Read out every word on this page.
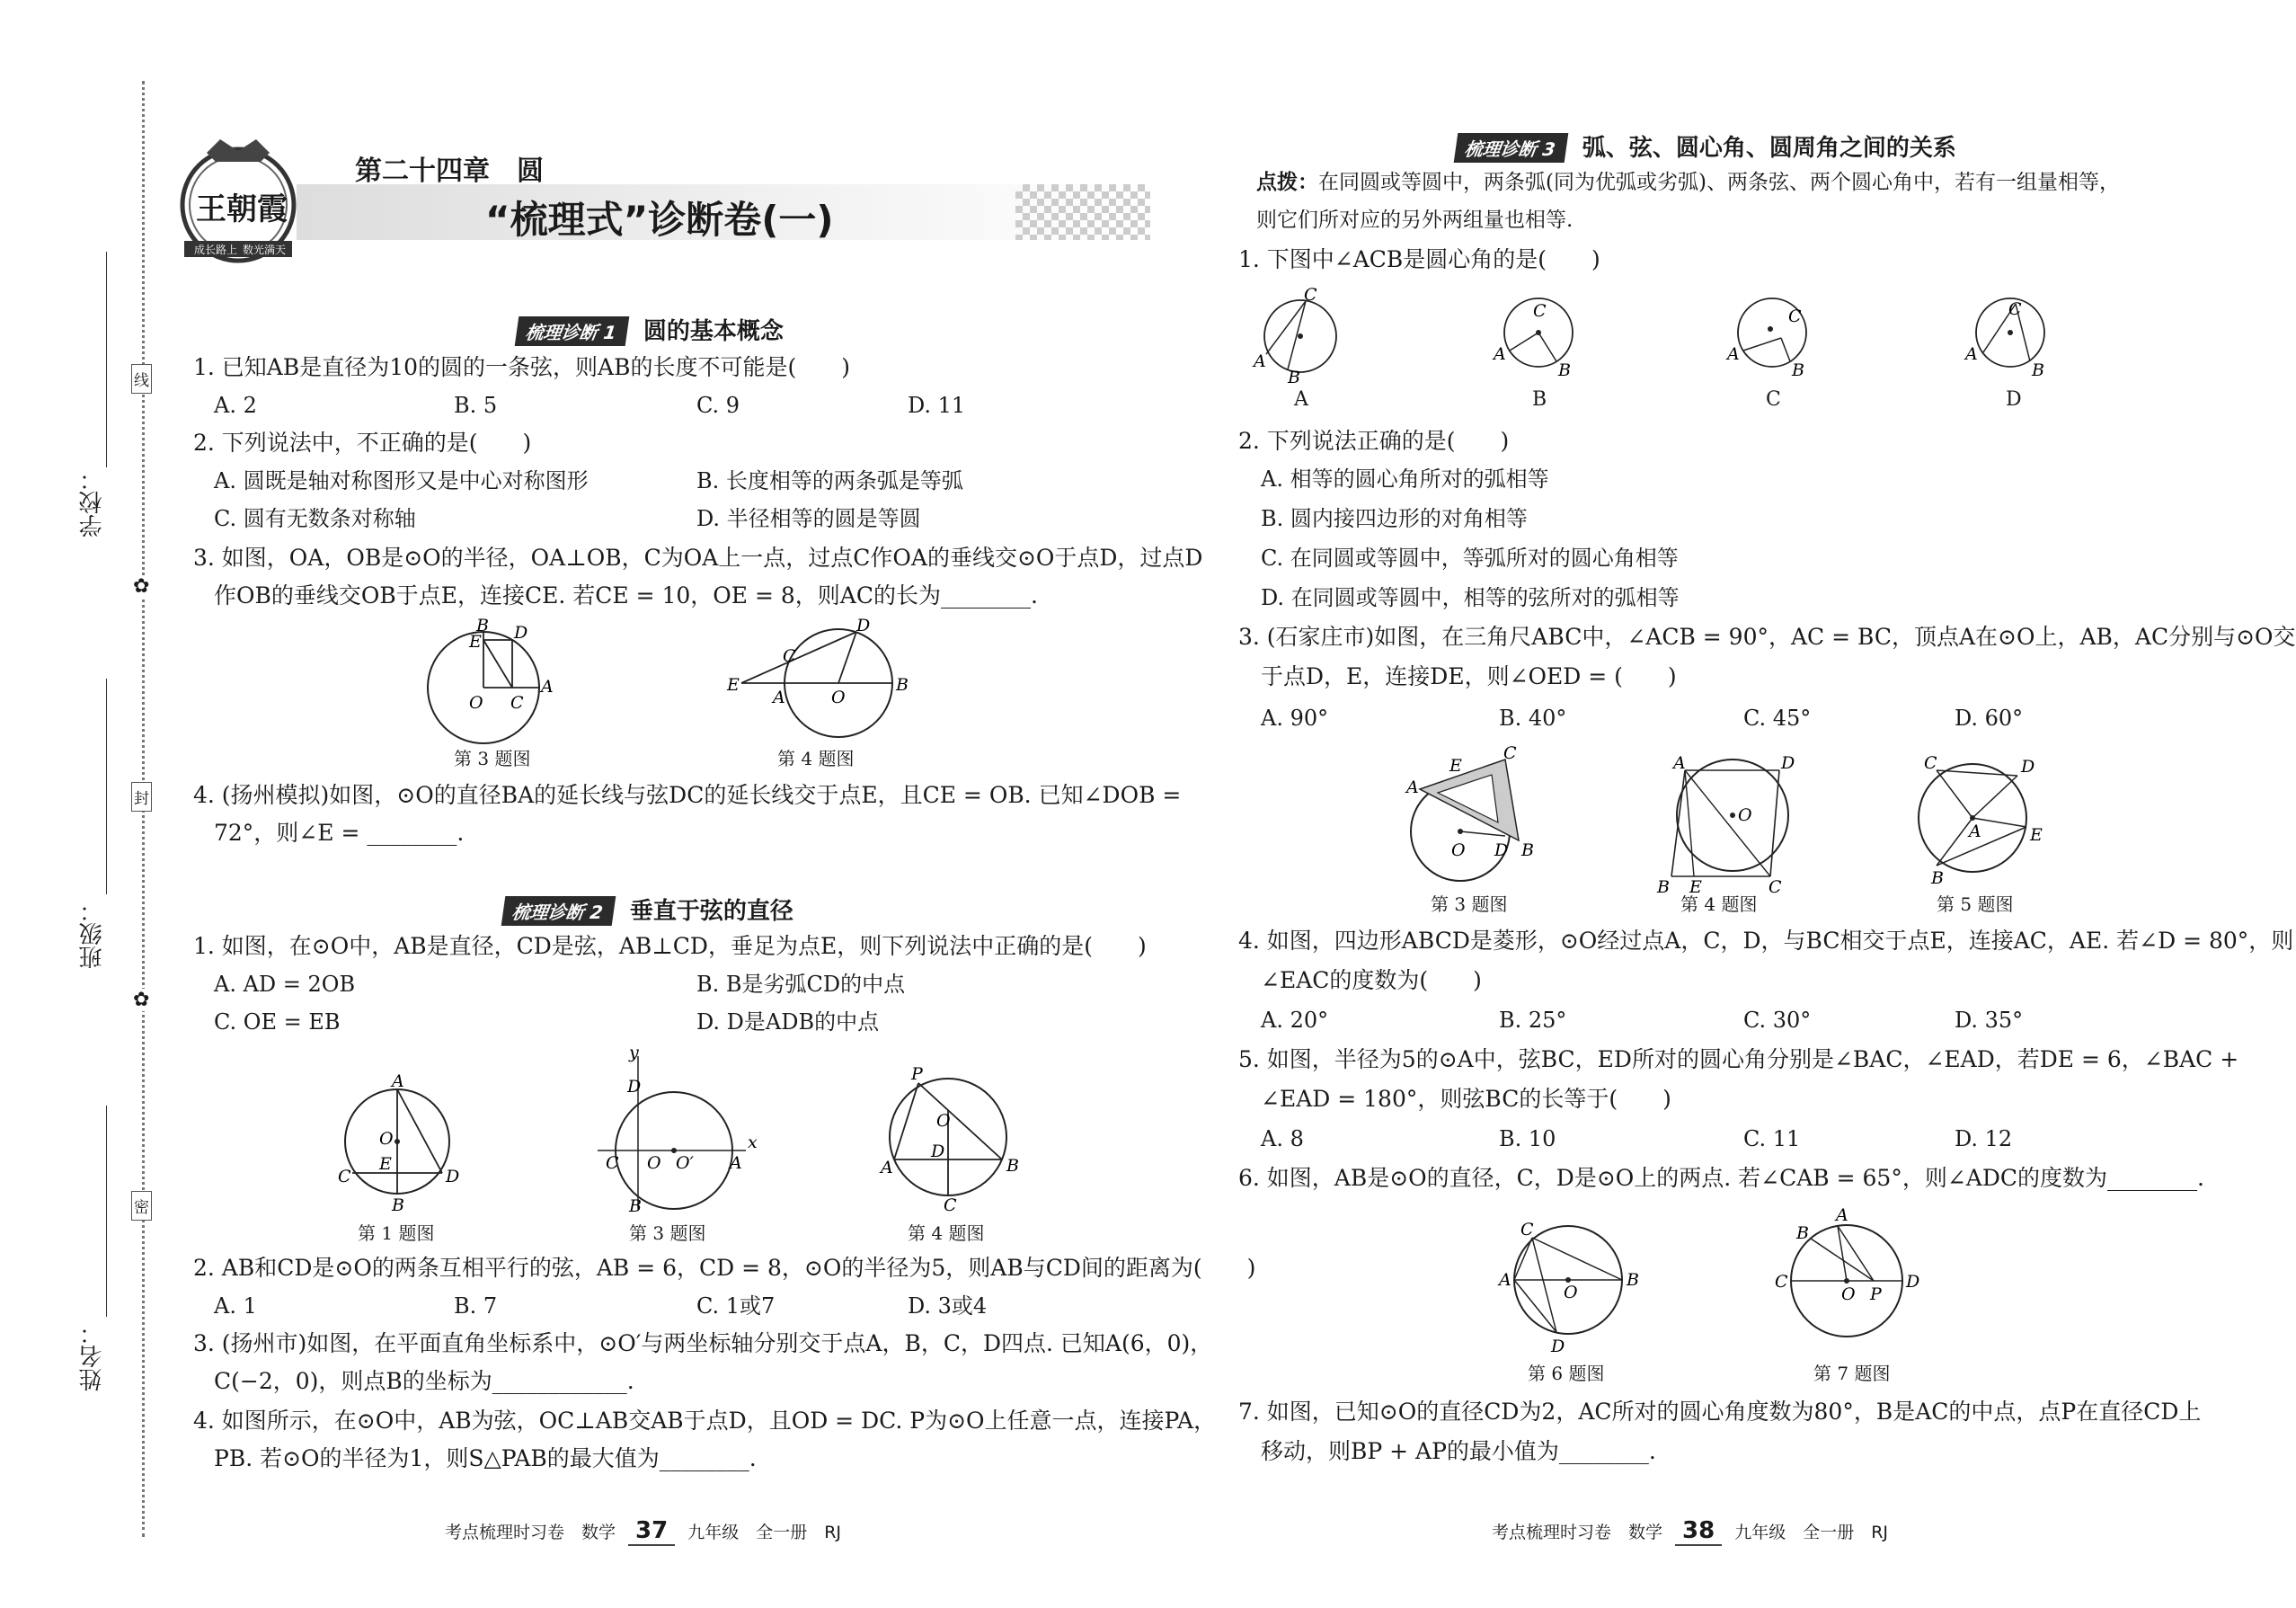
学校：
班级：
姓名：
线
封
密
✿
✿
王朝霞
成长路上 数光满天
第二十四章　圆
“梳理式”诊断卷(一)
梳理诊断 1 圆的基本概念
1. 已知AB是直径为10的圆的一条弦，则AB的长度不可能是(　　)
A. 2	B. 5	C. 9	D. 11
2. 下列说法中，不正确的是(　　)
A. 圆既是轴对称图形又是中心对称图形	B. 长度相等的两条弧是等弧
C. 圆有无数条对称轴	D. 半径相等的圆是等圆
3. 如图，OA，OB是⊙O的半径，OA⊥OB，C为OA上一点，过点C作OA的垂线交⊙O于点D，过点D
作OB的垂线交OB于点E，连接CE. 若CE = 10，OE = 8，则AC的长为________.
B D
E
A
O C
E
A	O
B
C
D
第 3 题图	第 4 题图
4. (扬州模拟)如图，⊙O的直径BA的延长线与弦DC的延长线交于点E，且CE = OB. 已知∠DOB =
72°，则∠E = ________.
梳理诊断 2 垂直于弦的直径
1. 如图，在⊙O中，AB是直径，CD是弦，AB⊥CD，垂足为点E，则下列说法中正确的是(　　)
A. AD = 2OB	B. B是劣弧CD的中点
C. OE = EB	D. D是ADB的中点
A
O
E
C	D
B
y
x
D
C O O′ A
B
P
O
D
A	B
C
第 1 题图	第 3 题图	第 4 题图
2. AB和CD是⊙O的两条互相平行的弦，AB = 6，CD = 8，⊙O的半径为5，则AB与CD间的距离为(　　)
A. 1	B. 7	C. 1或7	D. 3或4
3. (扬州市)如图，在平面直角坐标系中，⊙O′与两坐标轴分别交于点A，B，C，D四点. 已知A(6，0)，
C(−2，0)，则点B的坐标为____________.
4. 如图所示，在⊙O中，AB为弦，OC⊥AB交AB于点D，且OD = DC. P为⊙O上任意一点，连接PA，
PB. 若⊙O的半径为1，则S△PAB的最大值为________.
考点梳理时习卷　数学 37 九年级　全一册　RJ
梳理诊断 3 弧、弦、圆心角、圆周角之间的关系
点拨：在同圆或等圆中，两条弧(同为优弧或劣弧)、两条弦、两个圆心角中，若有一组量相等，
则它们所对应的另外两组量也相等.
1. 下图中∠ACB是圆心角的是(　　)
C
A
B
C
A
B
C
A
B
C
A
B
A	B	C	D
2. 下列说法正确的是(　　)
A. 相等的圆心角所对的弧相等
B. 圆内接四边形的对角相等
C. 在同圆或等圆中，等弧所对的圆心角相等
D. 在同圆或等圆中，相等的弦所对的弧相等
3. (石家庄市)如图，在三角尺ABC中，∠ACB = 90°，AC = BC，顶点A在⊙O上，AB，AC分别与⊙O交
于点D，E，连接DE，则∠OED = (　　)
A. 90°	B. 40°	C. 45°	D. 60°
A
E
C
O D B
A	D
O
B E	C
C	D
A	E
B
第 3 题图	第 4 题图	第 5 题图
4. 如图，四边形ABCD是菱形，⊙O经过点A，C，D，与BC相交于点E，连接AC，AE. 若∠D = 80°，则
∠EAC的度数为(　　)
A. 20°	B. 25°	C. 30°	D. 35°
5. 如图，半径为5的⊙A中，弦BC，ED所对的圆心角分别是∠BAC，∠EAD，若DE = 6，∠BAC +
∠EAD = 180°，则弦BC的长等于(　　)
A. 8	B. 10	C. 11	D. 12
6. 如图，AB是⊙O的直径，C，D是⊙O上的两点. 若∠CAB = 65°，则∠ADC的度数为________.
C
A
O
B
D
A
B
C
O P
D
第 6 题图	第 7 题图
7. 如图，已知⊙O的直径CD为2，AC所对的圆心角度数为80°，B是AC的中点，点P在直径CD上
移动，则BP + AP的最小值为________.
考点梳理时习卷　数学 38 九年级　全一册　RJ
